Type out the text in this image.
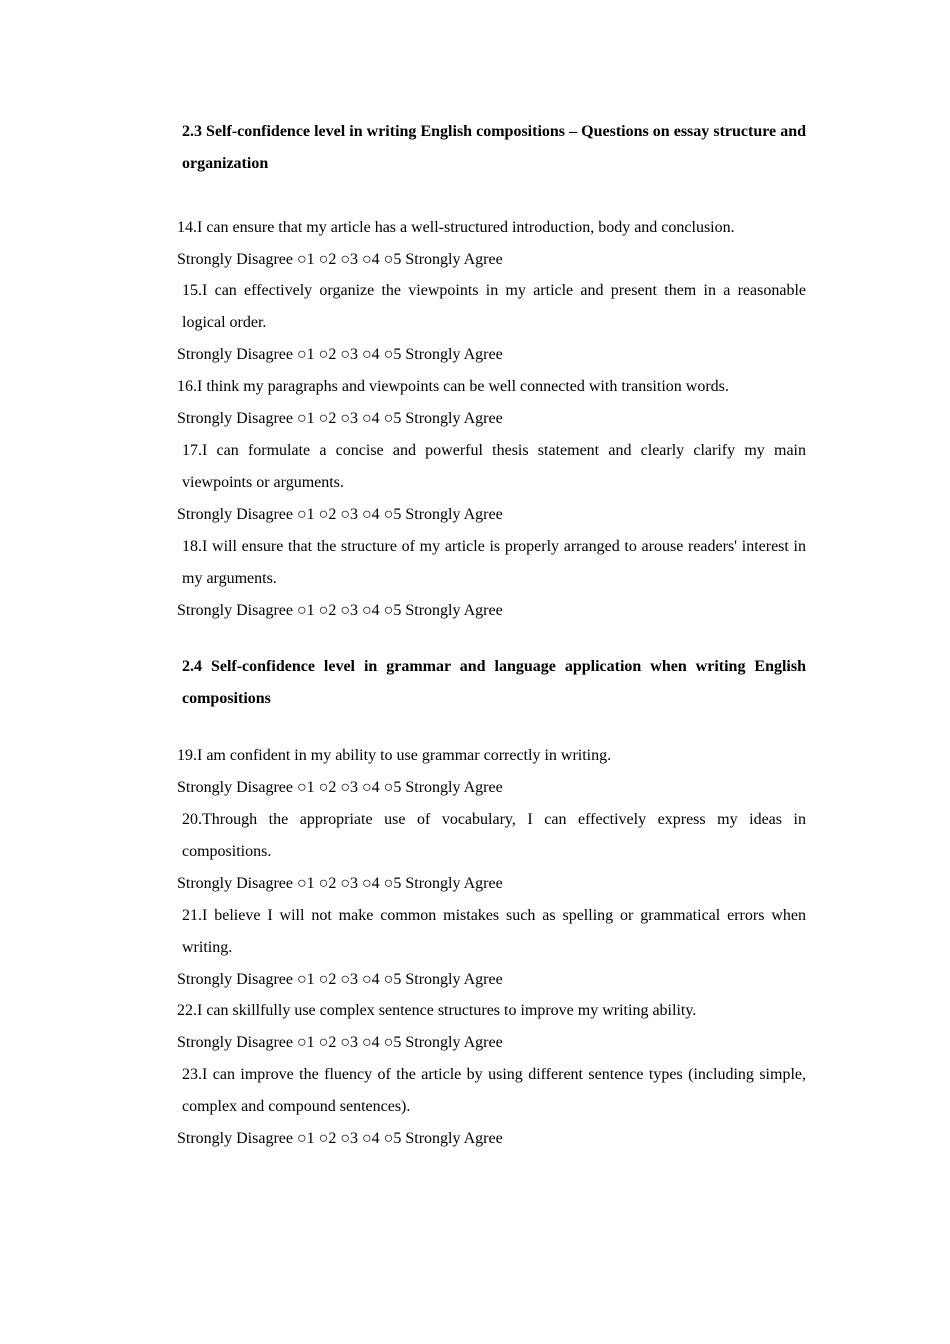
2.3 Self-confidence level in writing English compositions – Questions on essay structure and organization

14.I can ensure that my article has a well-structured introduction, body and conclusion.

Strongly Disagree ○1 ○2 ○3 ○4 ○5 Strongly Agree

15.I can effectively organize the viewpoints in my article and present them in a reasonable logical order.

Strongly Disagree ○1 ○2 ○3 ○4 ○5 Strongly Agree

16.I think my paragraphs and viewpoints can be well connected with transition words.

Strongly Disagree ○1 ○2 ○3 ○4 ○5 Strongly Agree

17.I can formulate a concise and powerful thesis statement and clearly clarify my main viewpoints or arguments.

Strongly Disagree ○1 ○2 ○3 ○4 ○5 Strongly Agree

18.I will ensure that the structure of my article is properly arranged to arouse readers' interest in my arguments.

Strongly Disagree ○1 ○2 ○3 ○4 ○5 Strongly Agree

2.4 Self-confidence level in grammar and language application when writing English compositions

19.I am confident in my ability to use grammar correctly in writing.

Strongly Disagree ○1 ○2 ○3 ○4 ○5 Strongly Agree

20.Through the appropriate use of vocabulary, I can effectively express my ideas in compositions.

Strongly Disagree ○1 ○2 ○3 ○4 ○5 Strongly Agree

21.I believe I will not make common mistakes such as spelling or grammatical errors when writing.

Strongly Disagree ○1 ○2 ○3 ○4 ○5 Strongly Agree

22.I can skillfully use complex sentence structures to improve my writing ability.

Strongly Disagree ○1 ○2 ○3 ○4 ○5 Strongly Agree

23.I can improve the fluency of the article by using different sentence types (including simple, complex and compound sentences).

Strongly Disagree ○1 ○2 ○3 ○4 ○5 Strongly Agree
